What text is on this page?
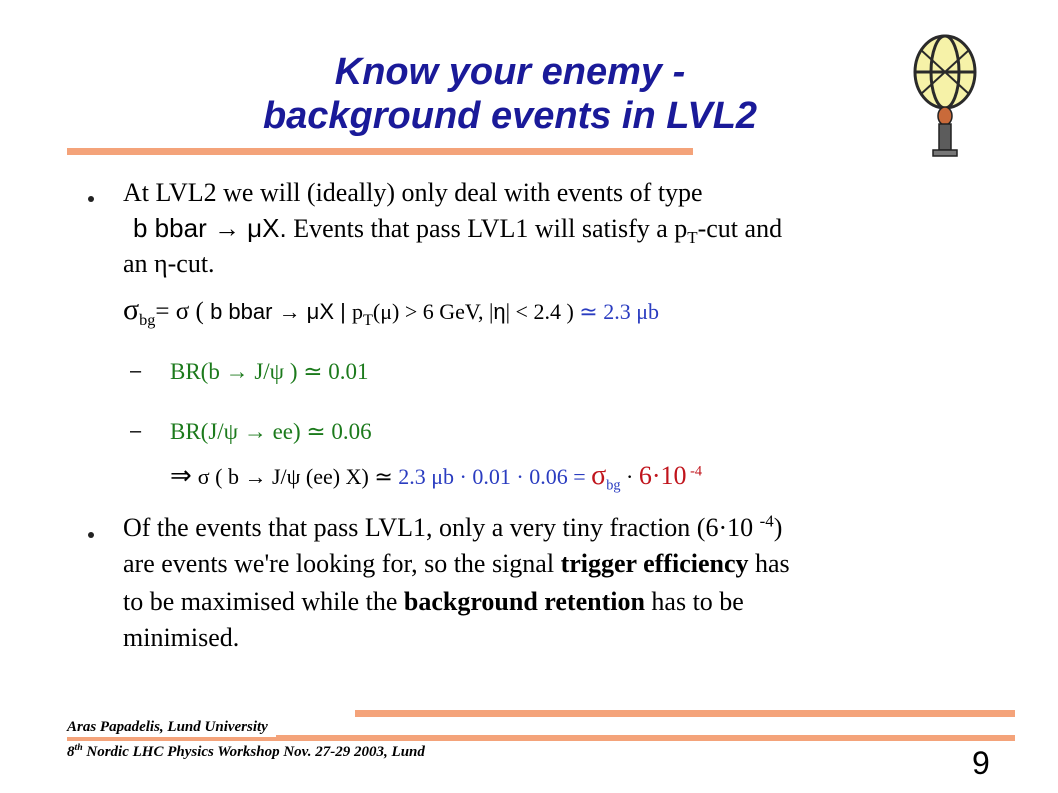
Know your enemy -
background events in LVL2
At LVL2 we will (ideally) only deal with events of type
b bbar → μX. Events that pass LVL1 will satisfy a $p_T$-cut and
an η-cut.
$\sigma_{bg}= \sigma$ ( b bbar → μX | $p_T(\mu) > 6$ GeV, |η| < 2.4 ) ≃ 2.3 μb
– BR(b → J/ψ ) ≃ 0.01
– BR(J/ψ → ee) ≃ 0.06
⇒ σ ( b → J/ψ (ee) X) ≃ 2.3 $\mu b \cdot 0.01 \cdot 0.06 = \sigma_{bg} \cdot 6\cdot 10$ $^{-4}$
Of the events that pass LVL1, only a very tiny fraction (6·10 $^{-4}$)
are events we're looking for, so the signal trigger efficiency has
to be maximised while the background retention has to be
minimised.
Aras Papadelis, Lund University
8th Nordic LHC Physics Workshop Nov. 27-29 2003, Lund	9
